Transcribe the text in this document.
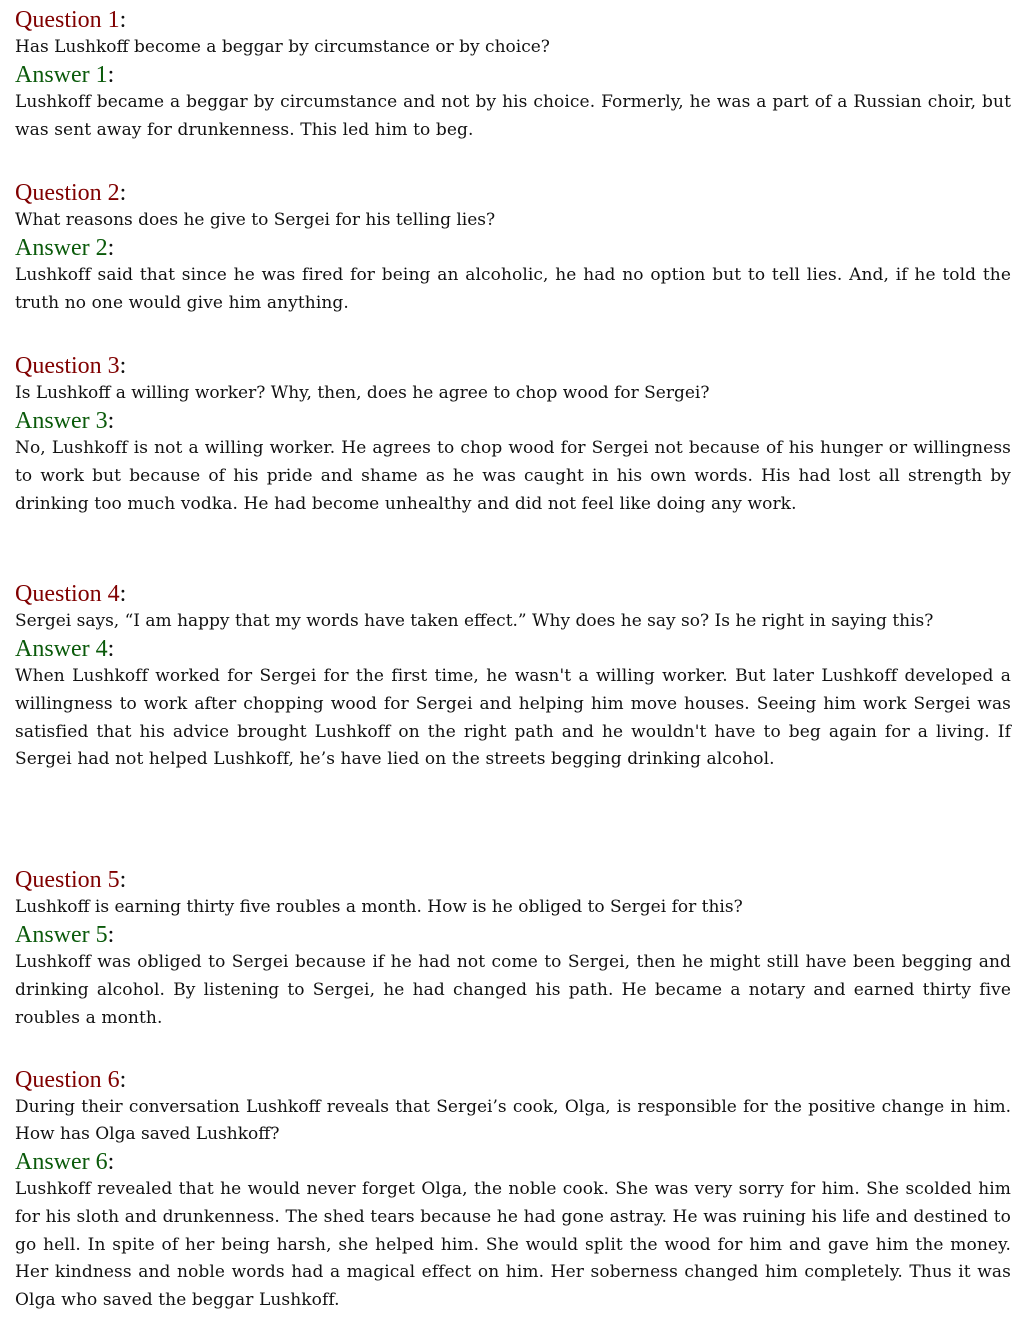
Question 1:

Has Lushkoff become a beggar by circumstance or by choice?

Answer 1:

Lushkoff became a beggar by circumstance and not by his choice. Formerly, he was a part of a Russian choir, but was sent away for drunkenness. This led him to beg.

Question 2:

What reasons does he give to Sergei for his telling lies?

Answer 2:

Lushkoff said that since he was fired for being an alcoholic, he had no option but to tell lies. And, if he told the truth no one would give him anything.

Question 3:

Is Lushkoff a willing worker? Why, then, does he agree to chop wood for Sergei?

Answer 3:

No, Lushkoff is not a willing worker. He agrees to chop wood for Sergei not because of his hunger or willingness to work but because of his pride and shame as he was caught in his own words. His had lost all strength by drinking too much vodka. He had become unhealthy and did not feel like doing any work.

Question 4:

Sergei says, “I am happy that my words have taken effect.” Why does he say so? Is he right in saying this?

Answer 4:

When Lushkoff worked for Sergei for the first time, he wasn't a willing worker. But later Lushkoff developed a willingness to work after chopping wood for Sergei and helping him move houses. Seeing him work Sergei was satisfied that his advice brought Lushkoff on the right path and he wouldn't have to beg again for a living. If Sergei had not helped Lushkoff, he’s have lied on the streets begging drinking alcohol.

Question 5:

Lushkoff is earning thirty five roubles a month. How is he obliged to Sergei for this?

Answer 5:

Lushkoff was obliged to Sergei because if he had not come to Sergei, then he might still have been begging and drinking alcohol. By listening to Sergei, he had changed his path. He became a notary and earned thirty five roubles a month.

Question 6:

During their conversation Lushkoff reveals that Sergei’s cook, Olga, is responsible for the positive change in him. How has Olga saved Lushkoff?

Answer 6:

Lushkoff revealed that he would never forget Olga, the noble cook. She was very sorry for him. She scolded him for his sloth and drunkenness. The shed tears because he had gone astray. He was ruining his life and destined to go hell. In spite of her being harsh, she helped him. She would split the wood for him and gave him the money. Her kindness and noble words had a magical effect on him. Her soberness changed him completely. Thus it was Olga who saved the beggar Lushkoff.
